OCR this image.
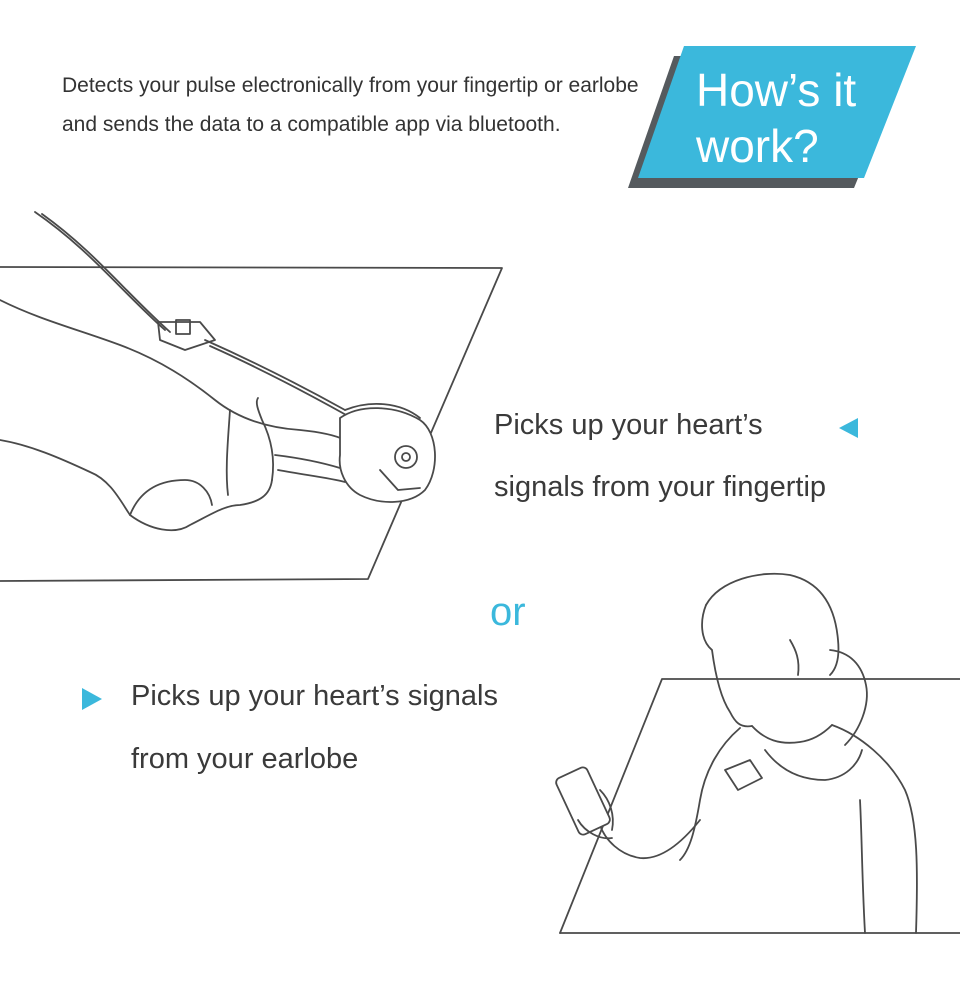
Detects your pulse electronically from your fingertip or earlobe and sends the data to a compatible app via bluetooth.

How’s it work?

Picks up your heart’s

signals from your fingertip

or

Picks up your heart’s signals

from your earlobe
